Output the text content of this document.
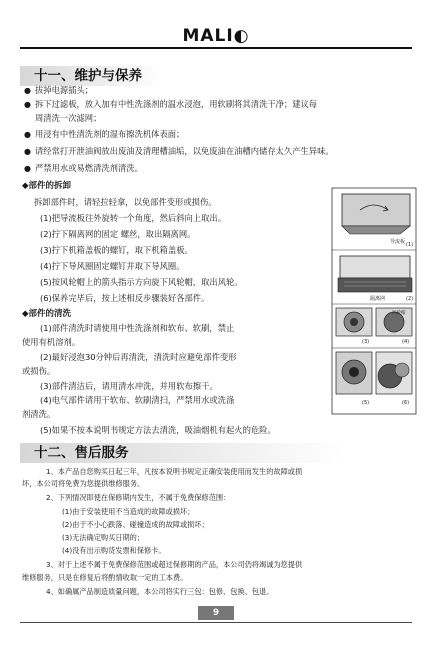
MALI◐
十一、维护与保养
● 拔掉电源插头；
● 拆下过滤板，放入加有中性洗涤剂的温水浸泡，用软刷将其清洗干净；建议每
周清洗一次滤网；
● 用浸有中性清洗剂的湿布擦洗机体表面；
● 请经常打开泄油阀放出废油及清理槽油垢，以免废油在油槽内储存太久产生异味。
● 严禁用水或易燃清洗剂清洗。
◆部件的拆卸
拆卸部件时，请轻拉轻拿，以免部件变形或损伤。
(1)把导流板往外旋转一个角度，然后斜向上取出。
(2)拧下隔离网的固定 螺丝，取出隔离网。
(3)拧下机箱盖板的螺钉，取下机箱盖板。
(4)拧下导风圈固定螺钉并取下导风圈。
(5)按风轮帽上的箭头指示方向旋下风轮帽，取出风轮。
(6)保养完毕后，按上述相反步骤装好各部件。
◆部件的清洗
(1)部件清洗时请使用中性洗涤剂和软布、软刷，禁止
使用有机溶剂。
(2)最好浸泡30分钟后再清洗，清洗时应避免部件变形
或损伤。
(3)部件清洁后，请用清水冲洗，并用软布擦干。
(4)电气部件请用干软布、软刷清扫，严禁用水或洗涤
剂清洗。
(5)如果不按本说明书规定方法去清洗，吸油烟机有起火的危险。
导流板 (1)
(2)
隔离网
风轮帽
(3)	(4)
(5)	(6)
十二、售后服务
1、本产品自您购买日起三年，凡按本说明书规定正确安装使用而发生的故障或损
坏，本公司将免费为您提供维修服务。
2、下列情况即使在保修期内发生，不属于免费保修范围：
(1)由于安装使用不当造成的故障或损坏；
(2)由于不小心跌落、碰撞造成的故障或损坏；
(3)无法确定购买日期的；
(4)没有出示购货发票和保修卡。
3、对于上述不属于免费保修范围或超过保修期的产品，本公司仍将竭诚为您提供
维修服务，只是在修复后将酌情收取一定的工本费。
4、如确属产品制造质量问题，本公司将实行三包：包修、包换、包退。
9
